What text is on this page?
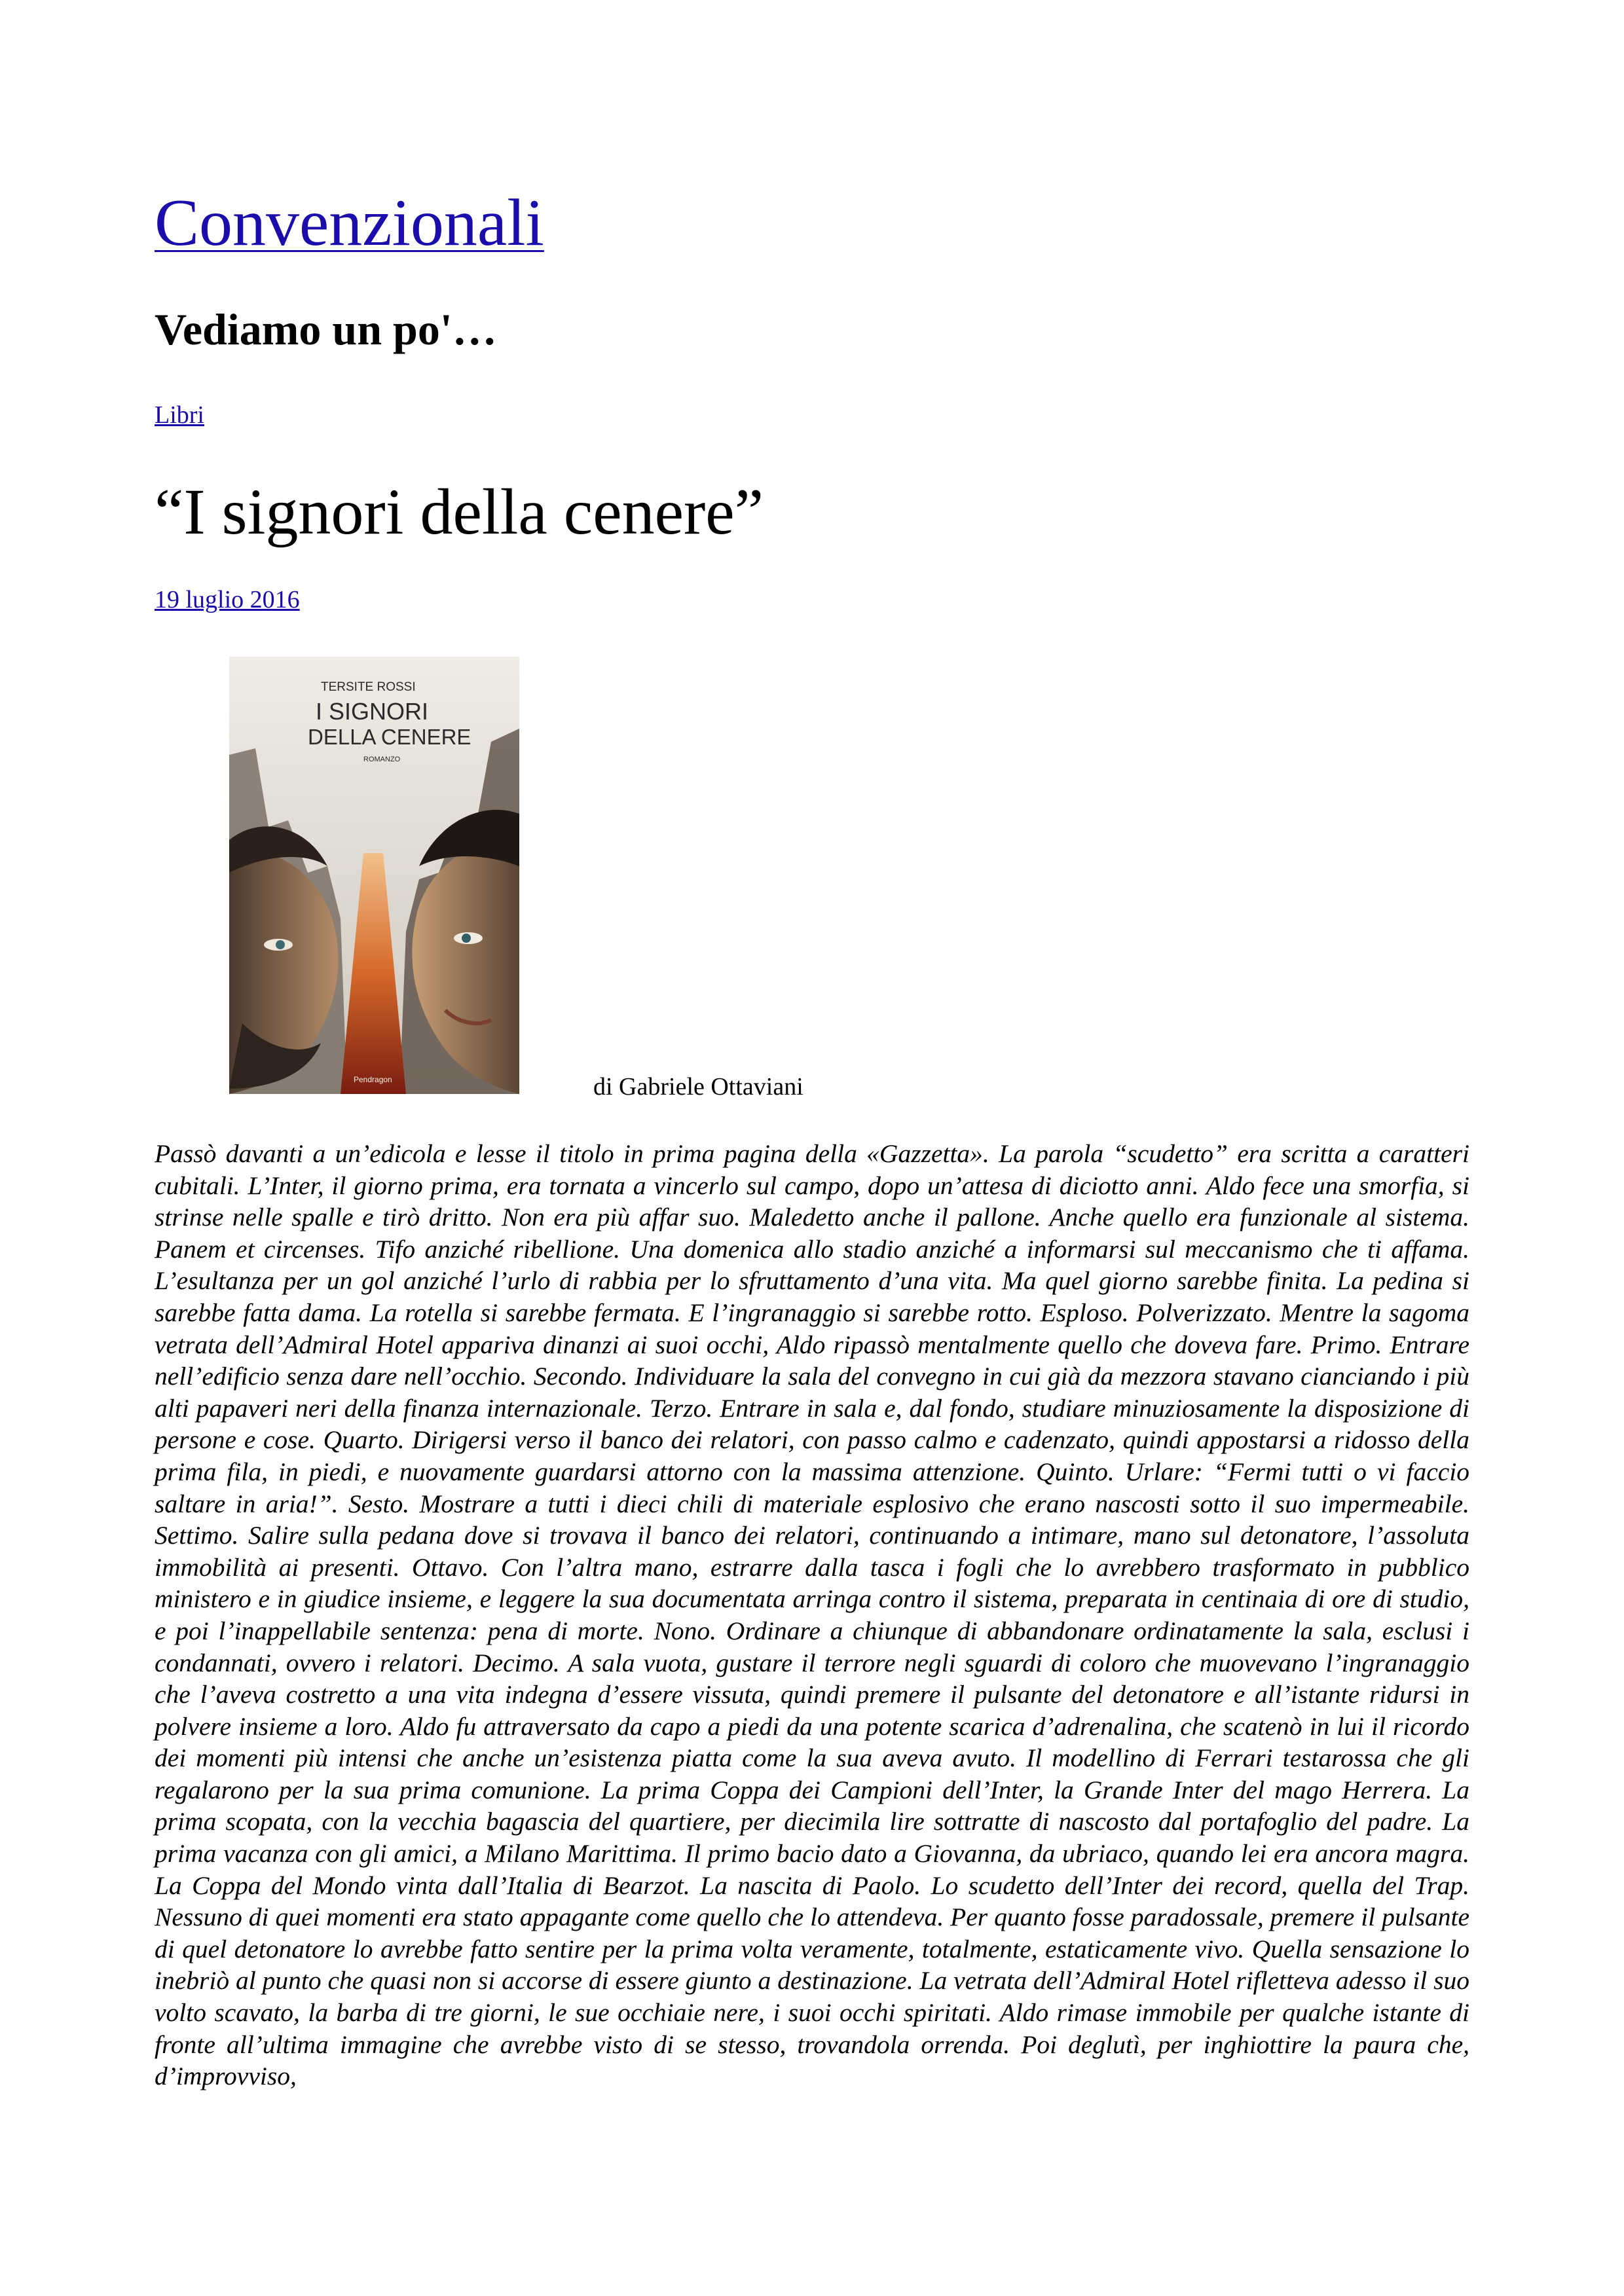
Convenzionali
Vediamo un po'…
Libri
“I signori della cenere”
19 luglio 2016
TERSITE ROSSI
I SIGNORI
DELLA CENERE
ROMANZO
Pendragon	di Gabriele Ottaviani

Passò davanti a un’edicola e lesse il titolo in prima pagina della «Gazzetta». La parola “scudetto” era scritta a caratteri cubitali. L’Inter, il giorno prima, era tornata a vincerlo sul campo, dopo un’attesa di diciotto anni. Aldo fece una smorfia, si strinse nelle spalle e tirò dritto. Non era più affar suo. Maledetto anche il pallone. Anche quello era funzionale al sistema. Panem et circenses. Tifo anziché ribellione. Una domenica allo stadio anziché a informarsi sul meccanismo che ti affama. L’esultanza per un gol anziché l’urlo di rabbia per lo sfruttamento d’una vita. Ma quel giorno sarebbe finita. La pedina si sarebbe fatta dama. La rotella si sarebbe fermata. E l’ingranaggio si sarebbe rotto. Esploso. Polverizzato. Mentre la sagoma vetrata dell’Admiral Hotel appariva dinanzi ai suoi occhi, Aldo ripassò mentalmente quello che doveva fare. Primo. Entrare nell’edificio senza dare nell’occhio. Secondo. Individuare la sala del convegno in cui già da mezzora stavano cianciando i più alti papaveri neri della finanza internazionale. Terzo. Entrare in sala e, dal fondo, studiare minuziosamente la disposizione di persone e cose. Quarto. Dirigersi verso il banco dei relatori, con passo calmo e cadenzato, quindi appostarsi a ridosso della prima fila, in piedi, e nuovamente guardarsi attorno con la massima attenzione. Quinto. Urlare: “Fermi tutti o vi faccio saltare in aria!”. Sesto. Mostrare a tutti i dieci chili di materiale esplosivo che erano nascosti sotto il suo impermeabile. Settimo. Salire sulla pedana dove si trovava il banco dei relatori, continuando a intimare, mano sul detonatore, l’assoluta immobilità ai presenti. Ottavo. Con l’altra mano, estrarre dalla tasca i fogli che lo avrebbero trasformato in pubblico ministero e in giudice insieme, e leggere la sua documentata arringa contro il sistema, preparata in centinaia di ore di studio, e poi l’inappellabile sentenza: pena di morte. Nono. Ordinare a chiunque di abbandonare ordinatamente la sala, esclusi i condannati, ovvero i relatori. Decimo. A sala vuota, gustare il terrore negli sguardi di coloro che muovevano l’ingranaggio che l’aveva costretto a una vita indegna d’essere vissuta, quindi premere il pulsante del detonatore e all’istante ridursi in polvere insieme a loro. Aldo fu attraversato da capo a piedi da una potente scarica d’adrenalina, che scatenò in lui il ricordo dei momenti più intensi che anche un’esistenza piatta come la sua aveva avuto. Il modellino di Ferrari testarossa che gli regalarono per la sua prima comunione. La prima Coppa dei Campioni dell’Inter, la Grande Inter del mago Herrera. La prima scopata, con la vecchia bagascia del quartiere, per diecimila lire sottratte di nascosto dal portafoglio del padre. La prima vacanza con gli amici, a Milano Marittima. Il primo bacio dato a Giovanna, da ubriaco, quando lei era ancora magra. La Coppa del Mondo vinta dall’Italia di Bearzot. La nascita di Paolo. Lo scudetto dell’Inter dei record, quella del Trap. Nessuno di quei momenti era stato appagante come quello che lo attendeva. Per quanto fosse paradossale, premere il pulsante di quel detonatore lo avrebbe fatto sentire per la prima volta veramente, totalmente, estaticamente vivo. Quella sensazione lo inebriò al punto che quasi non si accorse di essere giunto a destinazione. La vetrata dell’Admiral Hotel rifletteva adesso il suo volto scavato, la barba di tre giorni, le sue occhiaie nere, i suoi occhi spiritati. Aldo rimase immobile per qualche istante di fronte all’ultima immagine che avrebbe visto di se stesso, trovandola orrenda. Poi deglutì, per inghiottire la paura che, d’improvviso,
